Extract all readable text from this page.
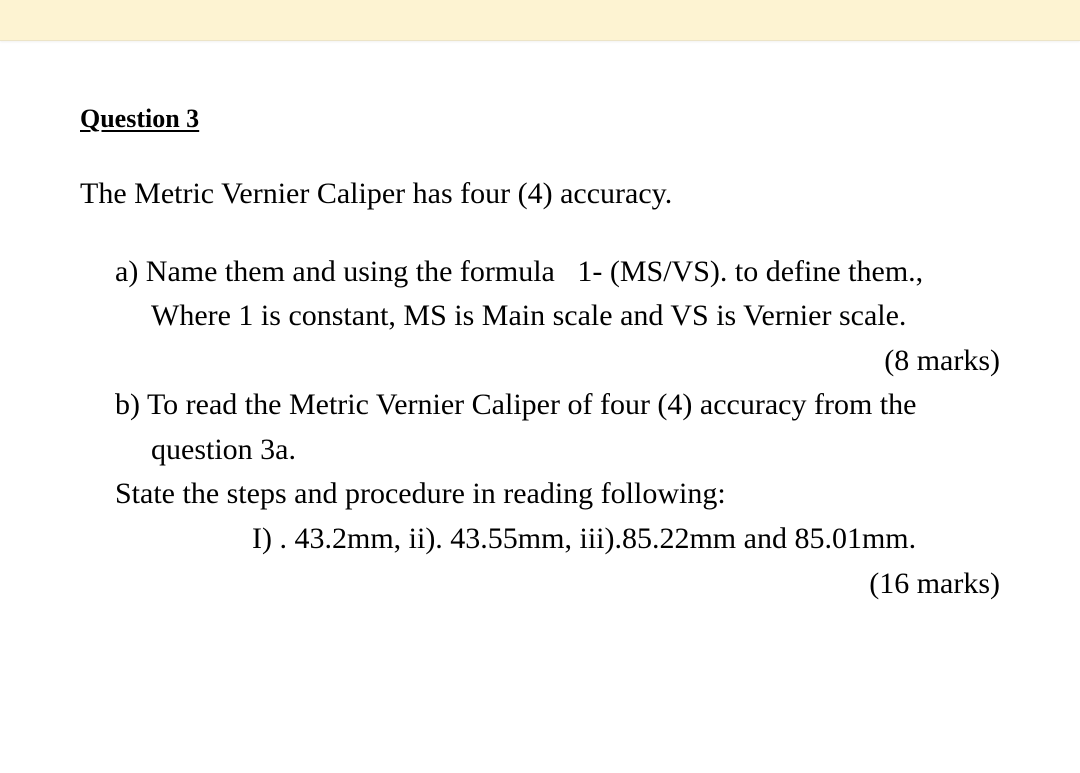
Question 3
The Metric Vernier Caliper has four (4) accuracy.
a) Name them and using the formula   1- (MS/VS). to define them.,
Where 1 is constant, MS is Main scale and VS is Vernier scale.
(8 marks)
b) To read the Metric Vernier Caliper of four (4) accuracy from the
question 3a.
State the steps and procedure in reading following:
I) . 43.2mm, ii). 43.55mm, iii).85.22mm and 85.01mm.
(16 marks)
